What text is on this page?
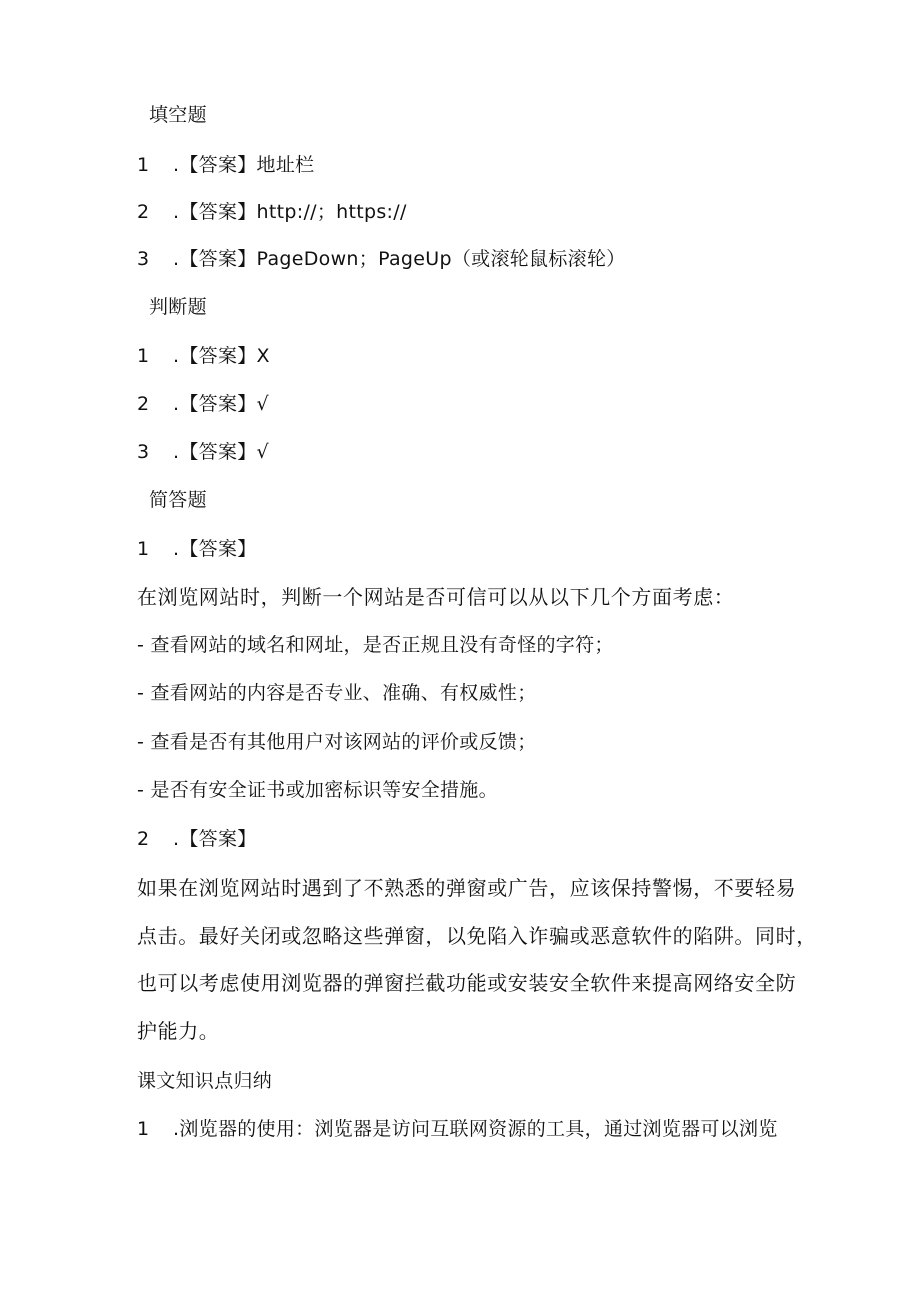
填空题
1 .【答案】地址栏
2 .【答案】http://；https://
3 .【答案】PageDown；PageUp（或滚轮鼠标滚轮）
判断题
1 .【答案】X
2 .【答案】√
3 .【答案】√
简答题
1 .【答案】
在浏览网站时，判断一个网站是否可信可以从以下几个方面考虑：
- 查看网站的域名和网址，是否正规且没有奇怪的字符；
- 查看网站的内容是否专业、准确、有权威性；
- 查看是否有其他用户对该网站的评价或反馈；
- 是否有安全证书或加密标识等安全措施。
2 .【答案】
如果在浏览网站时遇到了不熟悉的弹窗或广告，应该保持警惕，不要轻易
点击。最好关闭或忽略这些弹窗，以免陷入诈骗或恶意软件的陷阱。同时，
也可以考虑使用浏览器的弹窗拦截功能或安装安全软件来提高网络安全防
护能力。
课文知识点归纳
1 .浏览器的使用：浏览器是访问互联网资源的工具，通过浏览器可以浏览
